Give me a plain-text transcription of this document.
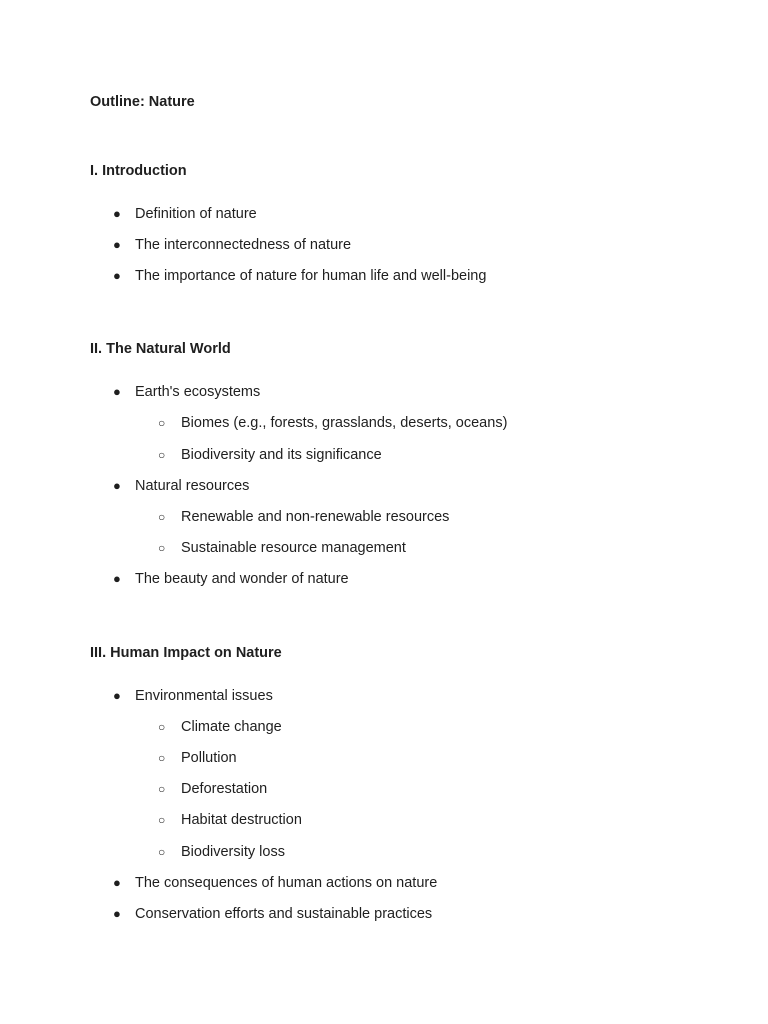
Outline: Nature
I. Introduction
● Definition of nature
● The interconnectedness of nature
● The importance of nature for human life and well-being
II. The Natural World
● Earth's ecosystems
○ Biomes (e.g., forests, grasslands, deserts, oceans)
○ Biodiversity and its significance
● Natural resources
○ Renewable and non-renewable resources
○ Sustainable resource management
● The beauty and wonder of nature
III. Human Impact on Nature
● Environmental issues
○ Climate change
○ Pollution
○ Deforestation
○ Habitat destruction
○ Biodiversity loss
● The consequences of human actions on nature
● Conservation efforts and sustainable practices
